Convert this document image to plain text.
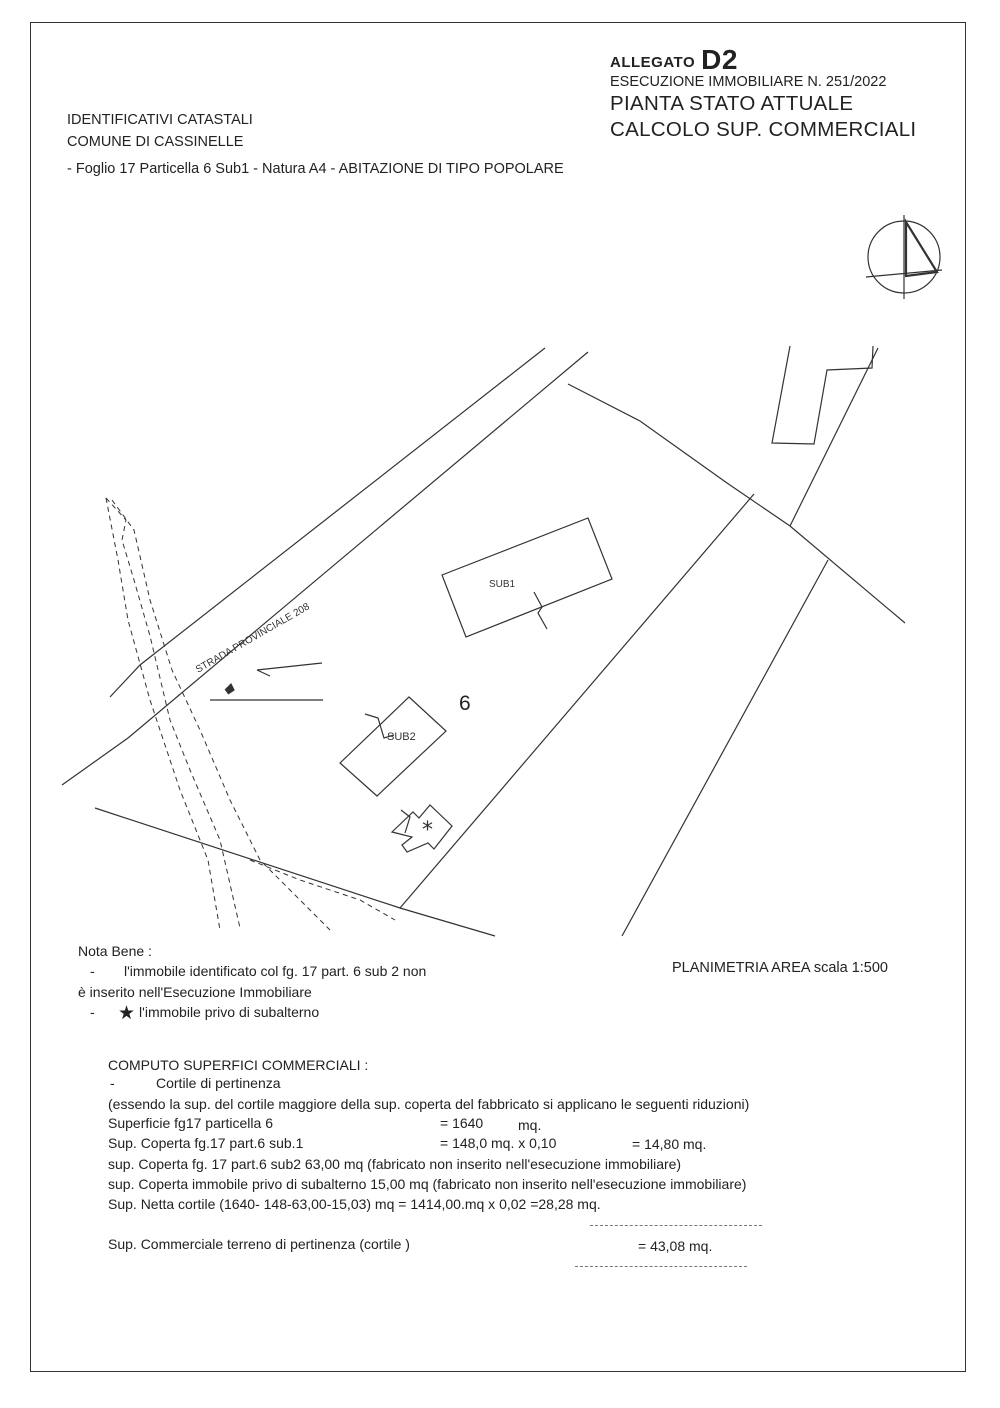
ALLEGATO D2
ESECUZIONE IMMOBILIARE N. 251/2022
PIANTA STATO ATTUALE
CALCOLO SUP. COMMERCIALI
IDENTIFICATIVI CATASTALI
COMUNE DI CASSINELLE
- Foglio 17 Particella 6 Sub1 - Natura A4 - ABITAZIONE DI TIPO POPOLARE
STRADA PROVINCIALE 208
SUB1
SUB2
6
*
Nota Bene :
- l'immobile identificato col fg. 17 part. 6 sub 2 non
è inserito nell'Esecuzione Immobiliare
- ★ l'immobile privo di subalterno
PLANIMETRIA AREA scala 1:500
COMPUTO SUPERFICI COMMERCIALI :
-	Cortile di pertinenza
(essendo la sup. del cortile maggiore della sup. coperta del fabbricato si applicano le seguenti riduzioni)
Superficie fg17 particella 6	= 1640 mq.
Sup. Coperta fg.17 part.6 sub.1	= 148,0 mq. x 0,10	= 14,80 mq.
sup. Coperta fg. 17 part.6 sub2 63,00 mq (fabricato non inserito nell'esecuzione immobiliare)
sup. Coperta immobile privo di subalterno 15,00 mq (fabricato non inserito nell'esecuzione immobiliare)
Sup. Netta cortile (1640- 148-63,00-15,03) mq = 1414,00.mq x 0,02 =28,28 mq.
Sup. Commerciale terreno di pertinenza (cortile )	= 43,08 mq.
